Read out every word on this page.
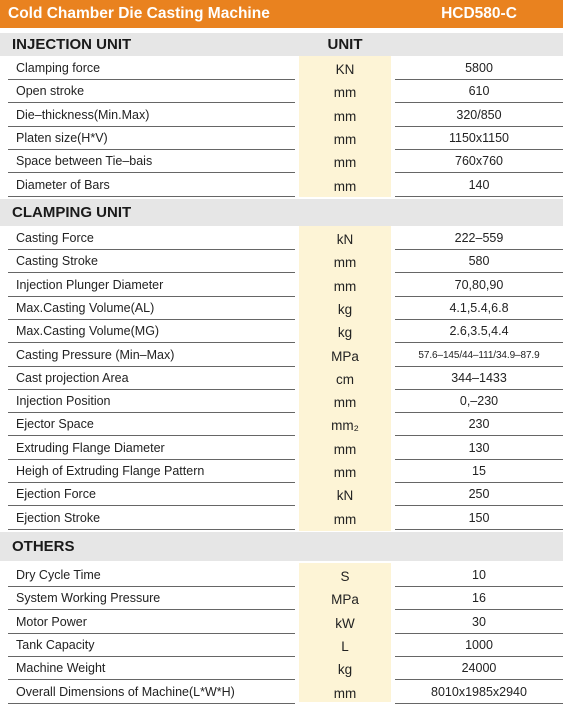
Cold Chamber Die Casting Machine	HCD580-C
INJECTION UNIT	UNIT
Clamping force	KN	5800
Open stroke	mm	610
Die–thickness(Min.Max)	mm	320/850
Platen size(H*V)	mm	1150x1150
Space between Tie–bais	mm	760x760
Diameter of Bars	mm	140
CLAMPING UNIT
Casting Force	kN	222–559
Casting Stroke	mm	580
Injection Plunger Diameter	mm	70,80,90
Max.Casting Volume(AL)	kg	4.1,5.4,6.8
Max.Casting Volume(MG)	kg	2.6,3.5,4.4
Casting Pressure (Min–Max)	MPa	57.6–145/44–111/34.9–87.9
Cast projection Area	cm	344–1433
Injection Position	mm	0,–230
Ejector Space	mm₂	230
Extruding Flange Diameter	mm	130
Heigh of Extruding Flange Pattern	mm	15
Ejection Force	kN	250
Ejection Stroke	mm	150
OTHERS
Dry Cycle Time	S	10
System Working Pressure	MPa	16
Motor Power	kW	30
Tank Capacity	L	1000
Machine Weight	kg	24000
Overall Dimensions of Machine(L*W*H)	mm	8010x1985x2940
